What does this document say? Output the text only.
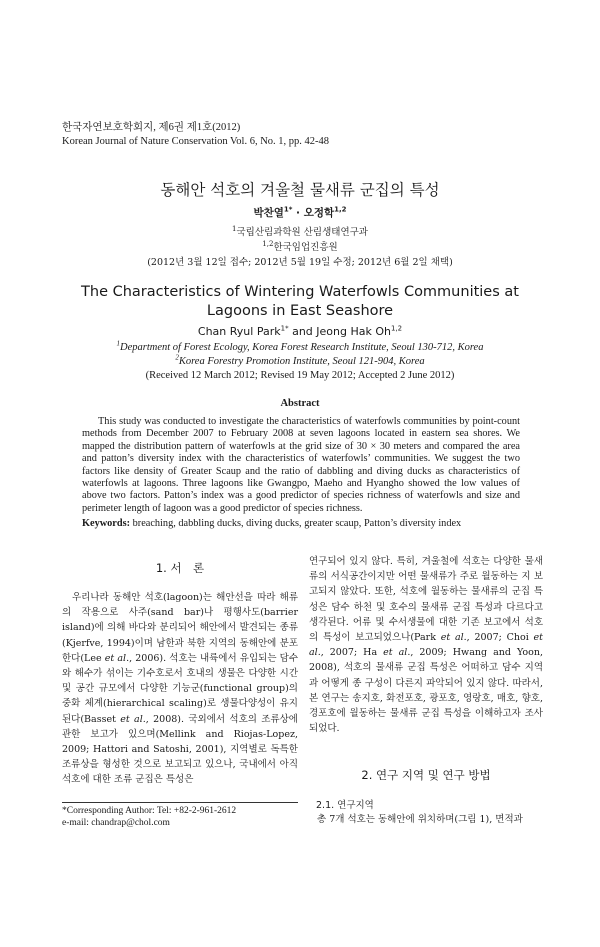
한국자연보호학회지, 제6권 제1호(2012)
Korean Journal of Nature Conservation Vol. 6, No. 1, pp. 42-48
동해안 석호의 겨울철 물새류 군집의 특성
박찬열$^{1*}$ · 오정학$^{1,2}$
$^1$국립산림과학원 산림생태연구과
$^{1,2}$한국임업진흥원
(2012년 3월 12일 접수; 2012년 5월 19일 수정; 2012년 6월 2일 채택)
The Characteristics of Wintering Waterfowls Communities at
Lagoons in East Seashore
Chan Ryul Park$^{1*}$ and Jeong Hak Oh$^{1,2}$
$^1$Department of Forest Ecology, Korea Forest Research Institute, Seoul 130-712, Korea
$^2$Korea Forestry Promotion Institute, Seoul 121-904, Korea
(Received 12 March 2012; Revised 19 May 2012; Accepted 2 June 2012)
Abstract

This study was conducted to investigate the characteristics of waterfowls communities by point-count methods from December 2007 to February 2008 at seven lagoons located in eastern sea shores. We mapped the distribution pattern of waterfowls at the grid size of 30 × 30 meters and compared the area and patton’s diversity index with the characteristics of waterfowls’ communities. We suggest the two factors like density of Greater Scaup and the ratio of dabbling and diving ducks as characteristics of waterfowls at lagoons. Three lagoons like Gwangpo, Maeho and Hyangho showed the low values of above two factors. Patton’s index was a good predictor of species richness of waterfowls and size and perimeter length of lagoon was a good predictor of species richness.

Keywords: breaching, dabbling ducks, diving ducks, greater scaup, Patton’s diversity index
1. 서　론

우리나라 동해안 석호(lagoon)는 해안선을 따라 해류의 작용으로 사주(sand bar)나 평행사도(barrier island)에 의해 바다와 분리되어 해안에서 발견되는 종류(Kjerfve, 1994)이며 남한과 북한 지역의 동해안에 분포한다(Lee et al., 2006). 석호는 내륙에서 유입되는 담수와 해수가 섞이는 기수호로서 호내의 생물은 다양한 시간 및 공간 규모에서 다양한 기능군(functional group)의 중화 체계(hierarchical scaling)로 생물다양성이 유지된다(Basset et al., 2008). 국외에서 석호의 조류상에 관한 보고가 있으며(Mellink and Riojas-Lopez, 2009; Hattori and Satoshi, 2001), 지역별로 독특한 조류상을 형성한 것으로 보고되고 있으나, 국내에서 아직 석호에 대한 조류 군집은 특성은

연구되어 있지 않다. 특히, 겨울철에 석호는 다양한 물새류의 서식공간이지만 어떤 물새류가 주로 월동하는 지 보고되지 않았다. 또한, 석호에 월동하는 물새류의 군집 특성은 담수 하천 및 호수의 물새류 군집 특성과 다르다고 생각된다. 어류 및 수서생물에 대한 기존 보고에서 석호의 특성이 보고되었으나(Park et al., 2007; Choi et al., 2007; Ha et al., 2009; Hwang and Yoon, 2008), 석호의 물새류 군집 특성은 어떠하고 담수 지역과 어떻게 종 구성이 다른지 파악되어 있지 않다. 따라서, 본 연구는 송지호, 화전포호, 광포호, 영랑호, 매호, 향호, 경포호에 월동하는 물새류 군집 특성을 이해하고자 조사되었다.

2. 연구 지역 및 연구 방법
2.1. 연구지역

총 7개 석호는 동해안에 위치하며(그림 1), 면적과

*Corresponding Author: Tel: +82-2-961-2612
e-mail: chandrap@chol.com
